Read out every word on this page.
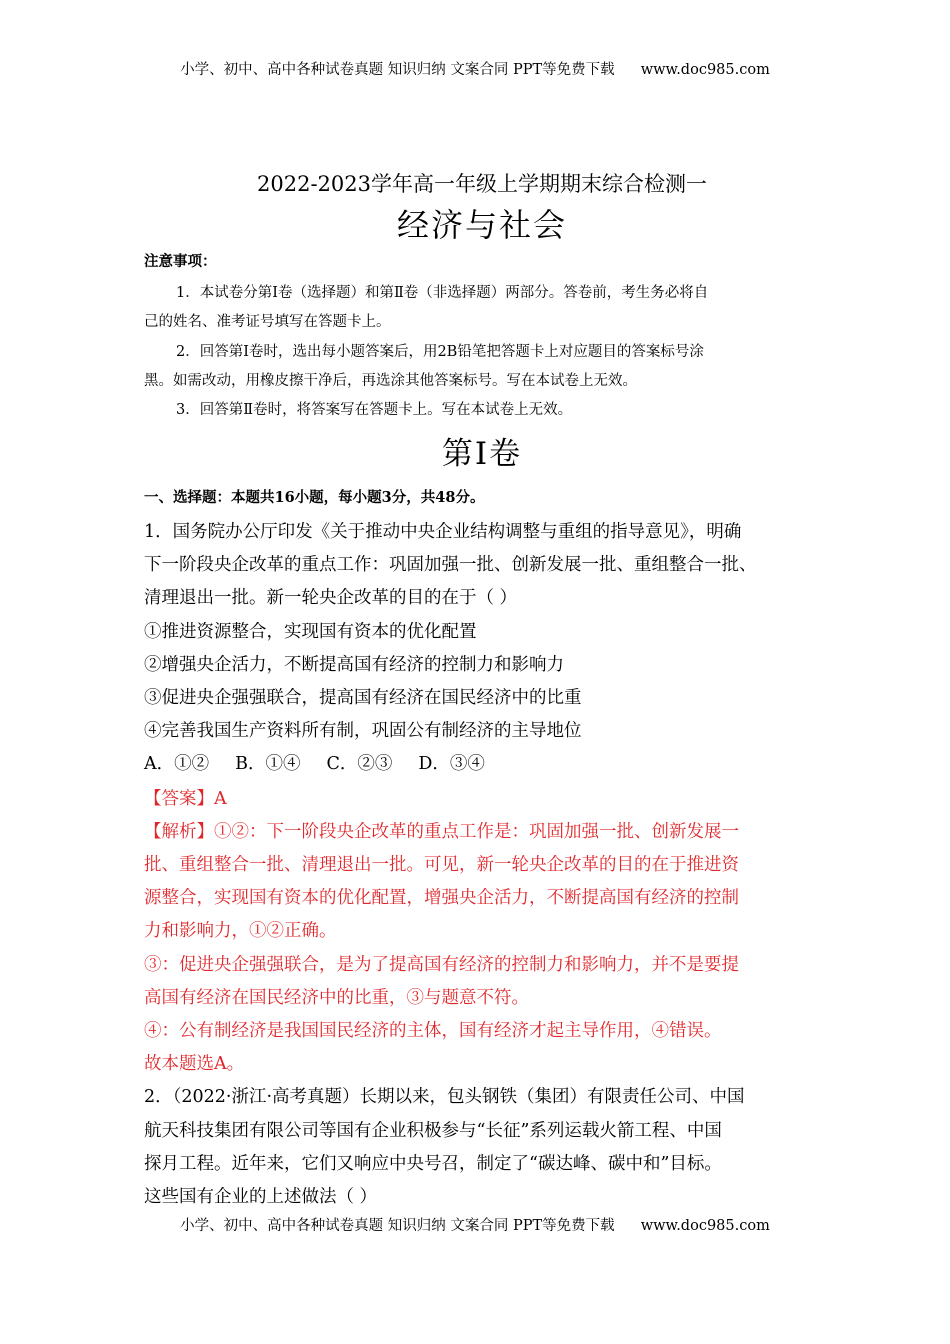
小学、初中、高中各种试卷真题 知识归纳 文案合同 PPT等免费下载 www.doc985.com
2022-2023学年高一年级上学期期末综合检测一
经济与社会
注意事项：
1．本试卷分第Ⅰ卷（选择题）和第Ⅱ卷（非选择题）两部分。答卷前，考生务必将自
己的姓名、准考证号填写在答题卡上。
2．回答第Ⅰ卷时，选出每小题答案后，用2B铅笔把答题卡上对应题目的答案标号涂
黑。如需改动，用橡皮擦干净后，再选涂其他答案标号。写在本试卷上无效。
3．回答第Ⅱ卷时，将答案写在答题卡上。写在本试卷上无效。
第Ⅰ卷
一、选择题：本题共16小题，每小题3分，共48分。
1．国务院办公厅印发《关于推动中央企业结构调整与重组的指导意见》，明确
下一阶段央企改革的重点工作：巩固加强一批、创新发展一批、重组整合一批、
清理退出一批。新一轮央企改革的目的在于（ ）
①推进资源整合，实现国有资本的优化配置
②增强央企活力，不断提高国有经济的控制力和影响力
③促进央企强强联合，提高国有经济在国民经济中的比重
④完善我国生产资料所有制，巩固公有制经济的主导地位
A．①② B．①④ C．②③ D．③④
【答案】A
【解析】①②：下一阶段央企改革的重点工作是：巩固加强一批、创新发展一
批、重组整合一批、清理退出一批。可见，新一轮央企改革的目的在于推进资
源整合，实现国有资本的优化配置，增强央企活力，不断提高国有经济的控制
力和影响力，①②正确。
③：促进央企强强联合，是为了提高国有经济的控制力和影响力，并不是要提
高国有经济在国民经济中的比重，③与题意不符。
④：公有制经济是我国国民经济的主体，国有经济才起主导作用，④错误。
故本题选A。
2．（2022·浙江·高考真题）长期以来，包头钢铁（集团）有限责任公司、中国
航天科技集团有限公司等国有企业积极参与“长征”系列运载火箭工程、中国
探月工程。近年来，它们又响应中央号召，制定了“碳达峰、碳中和”目标。
这些国有企业的上述做法（ ）
小学、初中、高中各种试卷真题 知识归纳 文案合同 PPT等免费下载 www.doc985.com
